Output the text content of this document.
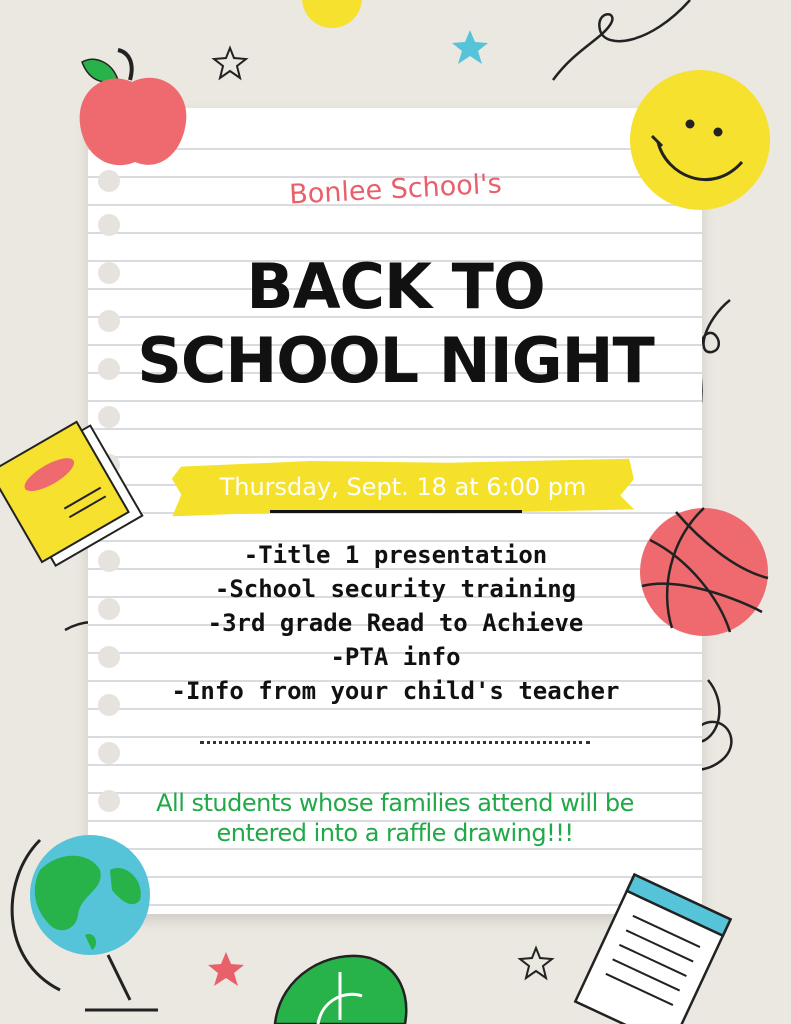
Bonlee School's
BACK TO
SCHOOL NIGHT
Thursday, Sept. 18 at 6:00 pm
-Title 1 presentation
-School security training
-3rd grade Read to Achieve
-PTA info
-Info from your child's teacher
All students whose families attend will be entered into a raffle drawing!!!
